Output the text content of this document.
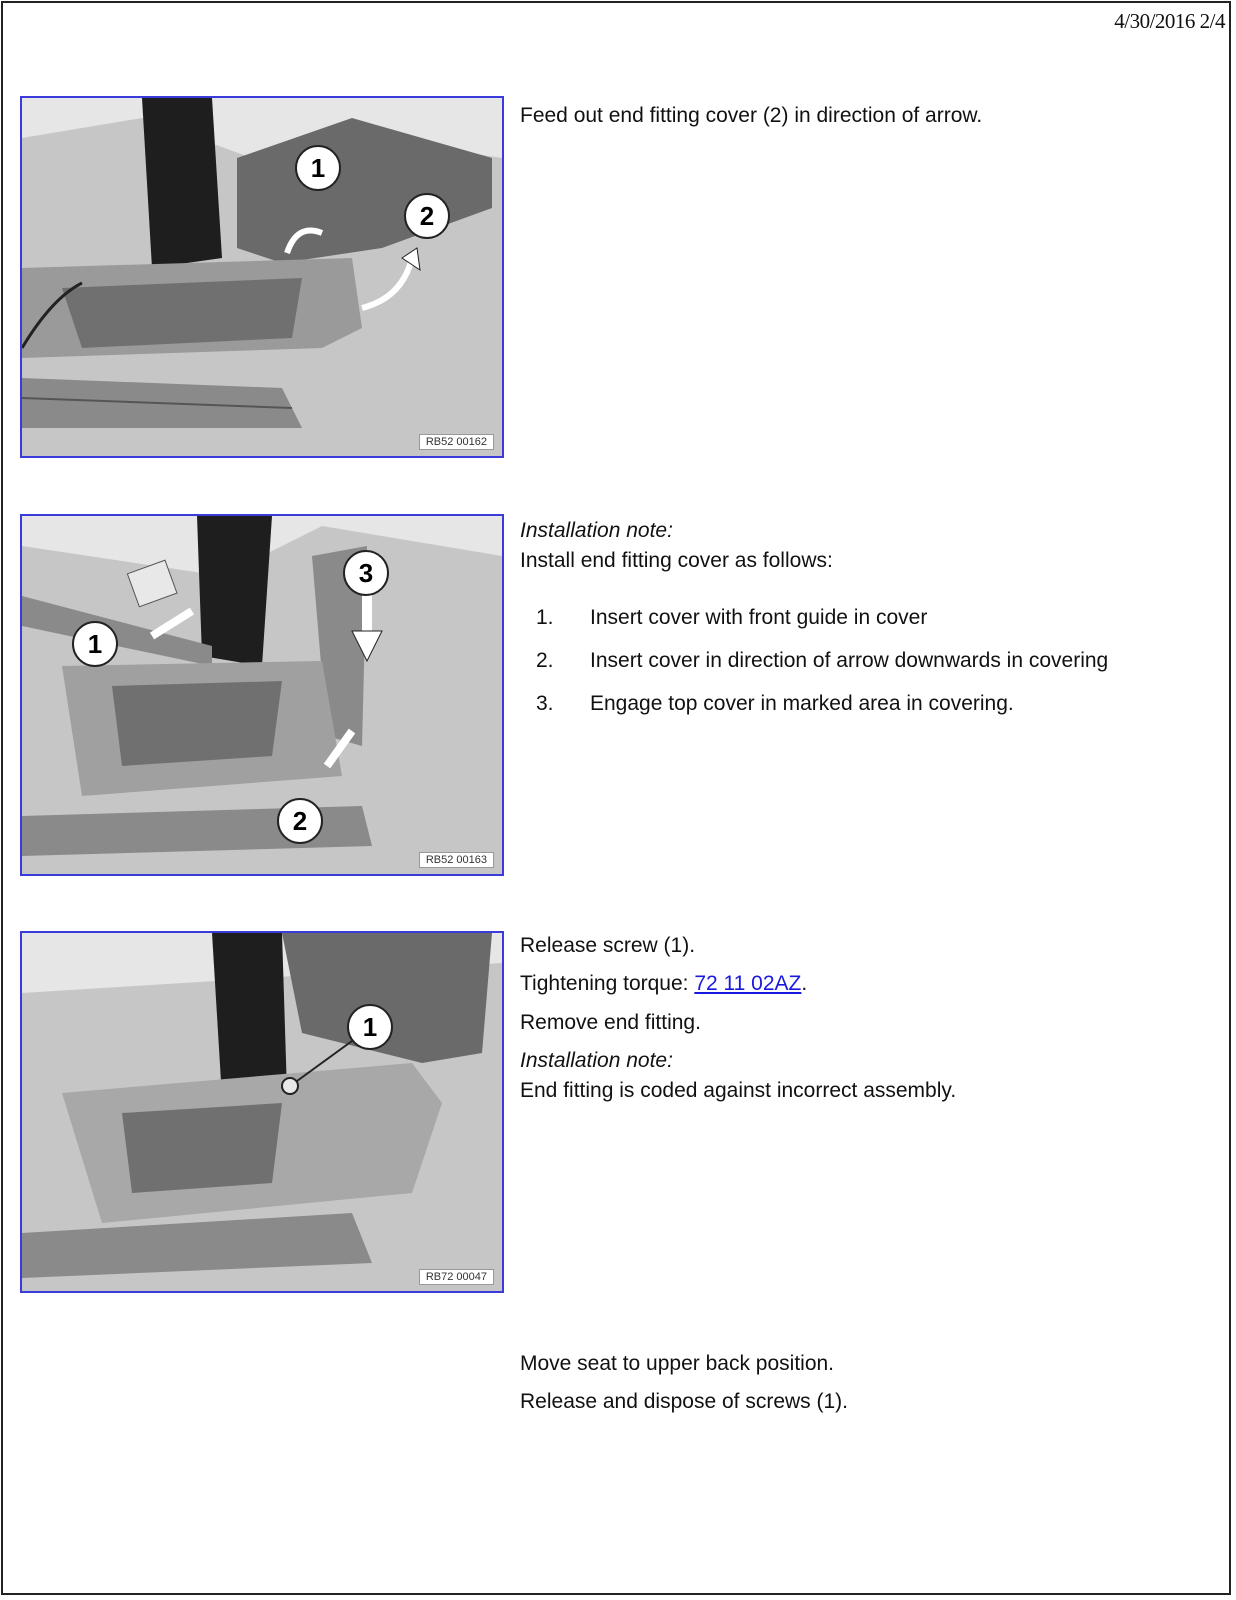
4/30/2016 2/4
1
2
RB52 00162

Feed out end fitting cover (2) in direction of arrow.

1
2
3
RB52 00163

Installation note:

Install end fitting cover as follows:

1.	Insert cover with front guide in cover
2.	Insert cover in direction of arrow downwards in covering
3.	Engage top cover in marked area in covering.
1
RB72 00047

Release screw (1).

Tightening torque: 72 11 02AZ.

Remove end fitting.

Installation note:

End fitting is coded against incorrect assembly.

Move seat to upper back position.

Release and dispose of screws (1).
